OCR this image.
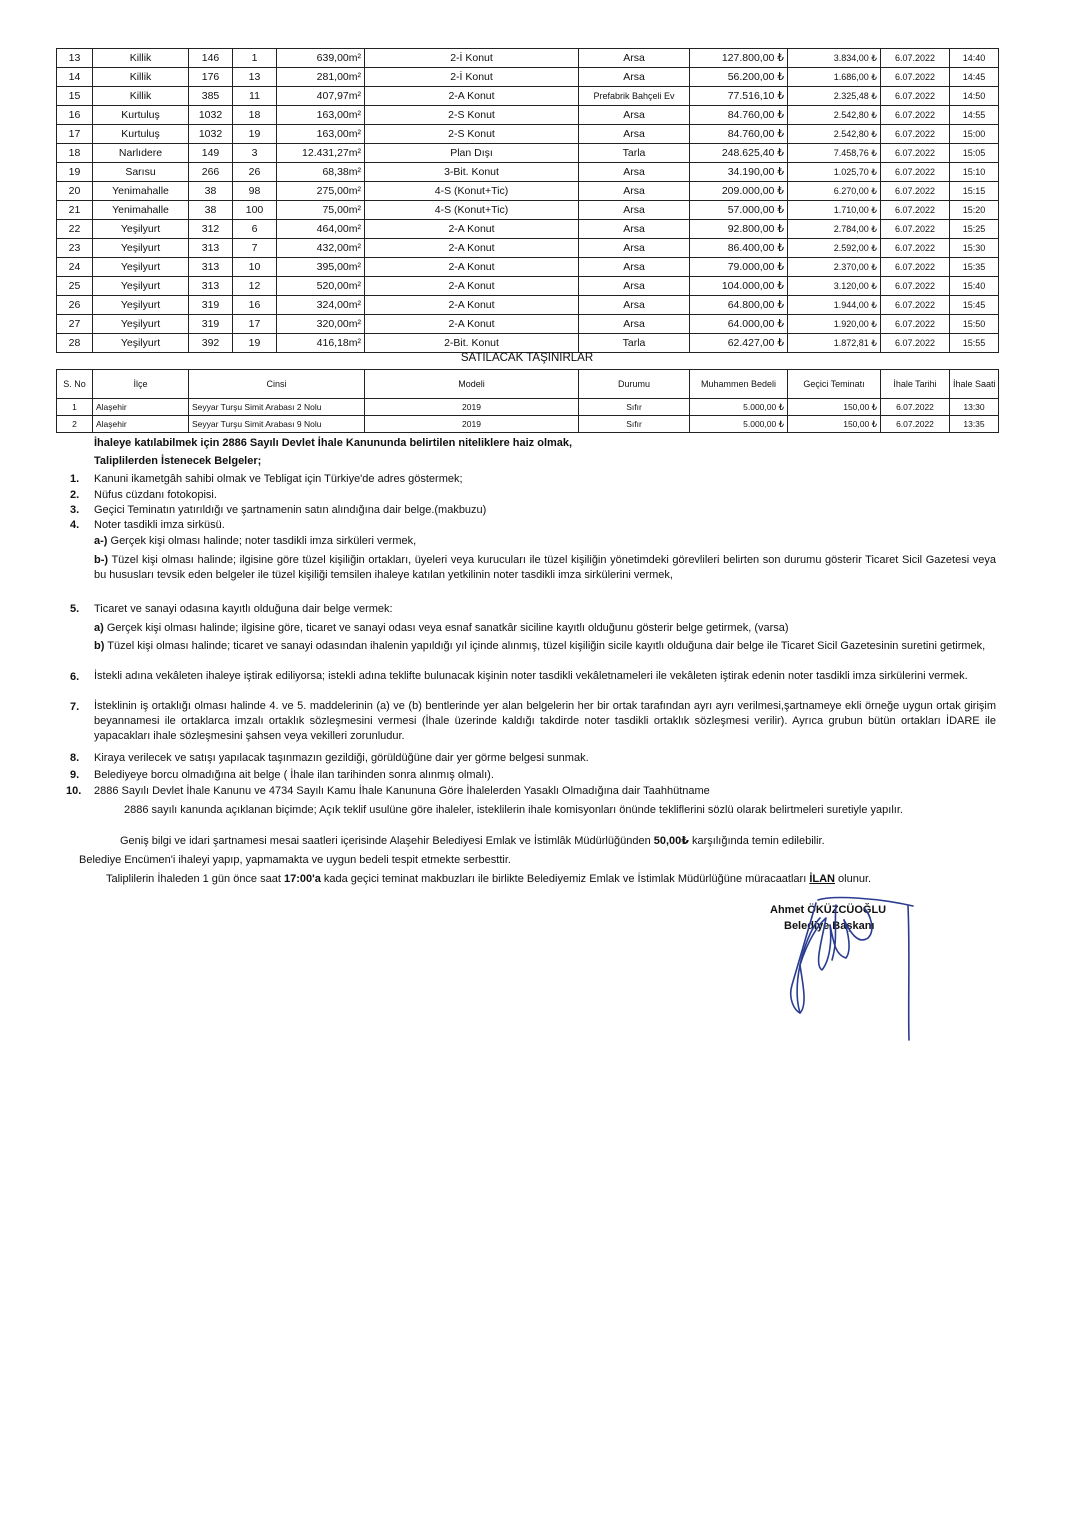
13	Killik	146	1	639,00m²	2-İ Konut	Arsa	127.800,00 ₺	3.834,00 ₺	6.07.2022	14:40
14	Killik	176	13	281,00m²	2-İ Konut	Arsa	56.200,00 ₺	1.686,00 ₺	6.07.2022	14:45
15	Killik	385	11	407,97m²	2-A Konut	Prefabrik Bahçeli Ev	77.516,10 ₺	2.325,48 ₺	6.07.2022	14:50
16	Kurtuluş	1032	18	163,00m²	2-S Konut	Arsa	84.760,00 ₺	2.542,80 ₺	6.07.2022	14:55
17	Kurtuluş	1032	19	163,00m²	2-S Konut	Arsa	84.760,00 ₺	2.542,80 ₺	6.07.2022	15:00
18	Narlıdere	149	3	12.431,27m²	Plan Dışı	Tarla	248.625,40 ₺	7.458,76 ₺	6.07.2022	15:05
19	Sarısu	266	26	68,38m²	3-Bit. Konut	Arsa	34.190,00 ₺	1.025,70 ₺	6.07.2022	15:10
20	Yenimahalle	38	98	275,00m²	4-S (Konut+Tic)	Arsa	209.000,00 ₺	6.270,00 ₺	6.07.2022	15:15
21	Yenimahalle	38	100	75,00m²	4-S (Konut+Tic)	Arsa	57.000,00 ₺	1.710,00 ₺	6.07.2022	15:20
22	Yeşilyurt	312	6	464,00m²	2-A Konut	Arsa	92.800,00 ₺	2.784,00 ₺	6.07.2022	15:25
23	Yeşilyurt	313	7	432,00m²	2-A Konut	Arsa	86.400,00 ₺	2.592,00 ₺	6.07.2022	15:30
24	Yeşilyurt	313	10	395,00m²	2-A Konut	Arsa	79.000,00 ₺	2.370,00 ₺	6.07.2022	15:35
25	Yeşilyurt	313	12	520,00m²	2-A Konut	Arsa	104.000,00 ₺	3.120,00 ₺	6.07.2022	15:40
26	Yeşilyurt	319	16	324,00m²	2-A Konut	Arsa	64.800,00 ₺	1.944,00 ₺	6.07.2022	15:45
27	Yeşilyurt	319	17	320,00m²	2-A Konut	Arsa	64.000,00 ₺	1.920,00 ₺	6.07.2022	15:50
28	Yeşilyurt	392	19	416,18m²	2-Bit. Konut	Tarla	62.427,00 ₺	1.872,81 ₺	6.07.2022	15:55
SATILACAK TAŞINIRLAR
S. No	İlçe	Cinsi	Modeli	Durumu	Muhammen Bedeli	Geçici Teminatı	İhale Tarihi	İhale Saati
1	Alaşehir	Seyyar Turşu Simit Arabası 2 Nolu	2019	Sıfır	5.000,00 ₺	150,00 ₺	6.07.2022	13:30
2	Alaşehir	Seyyar Turşu Simit Arabası 9 Nolu	2019	Sıfır	5.000,00 ₺	150,00 ₺	6.07.2022	13:35
İhaleye katılabilmek için 2886 Sayılı Devlet İhale Kanununda belirtilen niteliklere haiz olmak,
Taliplilerden İstenecek Belgeler;
1. Kanuni ikametgâh sahibi olmak ve Tebligat için Türkiye'de adres göstermek;
2. Nüfus cüzdanı fotokopisi.
3. Geçici Teminatın yatırıldığı ve şartnamenin satın alındığına dair belge.(makbuzu)
4. Noter tasdikli imza sirküsü.
a-) Gerçek kişi olması halinde; noter tasdikli imza sirküleri vermek,
b-) Tüzel kişi olması halinde; ilgisine göre tüzel kişiliğin ortakları, üyeleri veya kurucuları ile tüzel kişiliğin yönetimdeki görevlileri belirten son durumu gösterir Ticaret Sicil Gazetesi veya bu hususları tevsik eden belgeler ile tüzel kişiliği temsilen ihaleye katılan yetkilinin noter tasdikli imza sirkülerini vermek,
5. Ticaret ve sanayi odasına kayıtlı olduğuna dair belge vermek:
a) Gerçek kişi olması halinde; ilgisine göre, ticaret ve sanayi odası veya esnaf sanatkâr siciline kayıtlı olduğunu gösterir belge getirmek, (varsa)
b) Tüzel kişi olması halinde; ticaret ve sanayi odasından ihalenin yapıldığı yıl içinde alınmış, tüzel kişiliğin sicile kayıtlı olduğuna dair belge ile Ticaret Sicil Gazetesinin suretini getirmek,
6. İstekli adına vekâleten ihaleye iştirak ediliyorsa; istekli adına teklifte bulunacak kişinin noter tasdikli vekâletnameleri ile vekâleten iştirak edenin noter tasdikli imza sirkülerini vermek.
7. İsteklinin iş ortaklığı olması halinde 4. ve 5. maddelerinin (a) ve (b) bentlerinde yer alan belgelerin her bir ortak tarafından ayrı ayrı verilmesi,şartnameye ekli örneğe uygun ortak girişim beyannamesi ile ortaklarca imzalı ortaklık sözleşmesini vermesi (İhale üzerinde kaldığı takdirde noter tasdikli ortaklık sözleşmesi verilir). Ayrıca grubun bütün ortakları İDARE ile yapacakları ihale sözleşmesini şahsen veya vekilleri zorunludur.
8. Kiraya verilecek ve satışı yapılacak taşınmazın gezildiği, görüldüğüne dair yer görme belgesi sunmak.
9. Belediyeye borcu olmadığına ait belge ( İhale ilan tarihinden sonra alınmış olmalı).
10. 2886 Sayılı Devlet İhale Kanunu ve 4734 Sayılı Kamu İhale Kanununa Göre İhalelerden Yasaklı Olmadığına dair Taahhütname
2886 sayılı kanunda açıklanan biçimde; Açık teklif usulüne göre ihaleler, isteklilerin ihale komisyonları önünde tekliflerini sözlü olarak belirtmeleri suretiyle yapılır.
Geniş bilgi ve idari şartnamesi mesai saatleri içerisinde Alaşehir Belediyesi Emlak ve İstimlâk Müdürlüğünden 50,00₺ karşılığında temin edilebilir.
Belediye Encümen'i ihaleyi yapıp, yapmamakta ve uygun bedeli tespit etmekte serbesttir.
Taliplilerin İhaleden 1 gün önce saat 17:00'a kada geçici teminat makbuzları ile birlikte Belediyemiz Emlak ve İstimlak Müdürlüğüne müracaatları İLAN olunur.
Ahmet ÖKÜZCÜOĞLU
Belediye Başkanı
